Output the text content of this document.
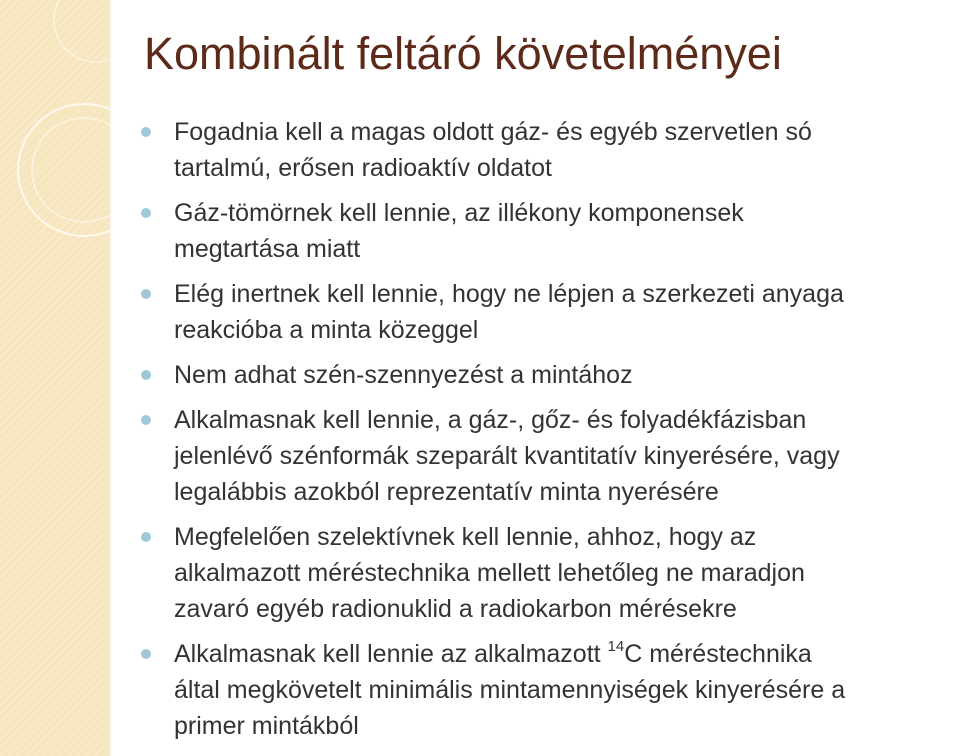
Kombinált feltáró követelményei
Fogadnia kell a magas oldott gáz- és egyéb szervetlen só
tartalmú, erősen radioaktív oldatot
Gáz-tömörnek kell lennie, az illékony komponensek
megtartása miatt
Elég inertnek kell lennie, hogy ne lépjen a szerkezeti anyaga
reakcióba a minta közeggel
Nem adhat szén-szennyezést a mintához
Alkalmasnak kell lennie, a gáz-, gőz- és folyadékfázisban
jelenlévő szénformák szeparált kvantitatív kinyerésére, vagy
legalábbis azokból reprezentatív minta nyerésére
Megfelelően szelektívnek kell lennie, ahhoz, hogy az
alkalmazott méréstechnika mellett lehetőleg ne maradjon
zavaró egyéb radionuklid a radiokarbon mérésekre
Alkalmasnak kell lennie az alkalmazott $^{14}$C méréstechnika
által megkövetelt minimális mintamennyiségek kinyerésére a
primer mintákból
